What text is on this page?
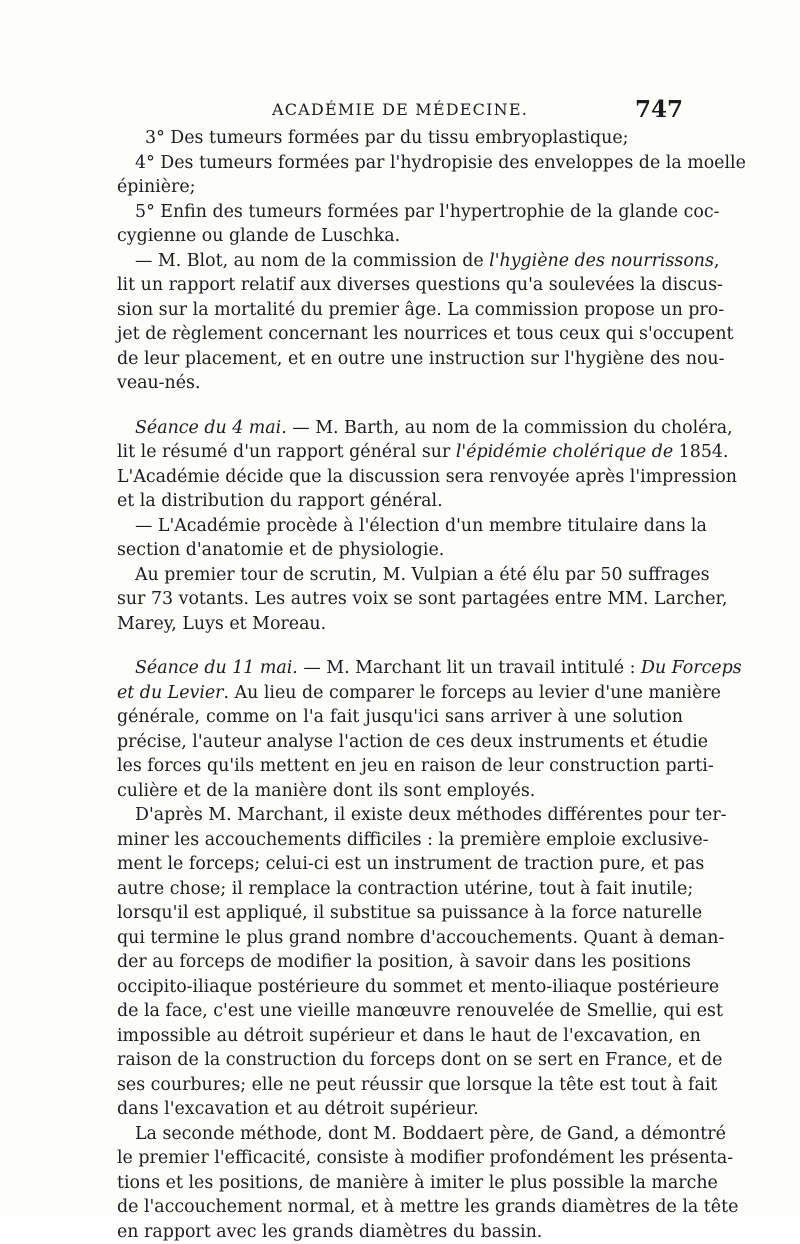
ACADÉMIE DE MÉDECINE.	747
3° Des tumeurs formées par du tissu embryoplastique;
4° Des tumeurs formées par l'hydropisie des enveloppes de la moelle
épinière;
5° Enfin des tumeurs formées par l'hypertrophie de la glande coc-
cygienne ou glande de Luschka.
— M. Blot, au nom de la commission de l'hygiène des nourrissons,
lit un rapport relatif aux diverses questions qu'a soulevées la discus-
sion sur la mortalité du premier âge. La commission propose un pro-
jet de règlement concernant les nourrices et tous ceux qui s'occupent
de leur placement, et en outre une instruction sur l'hygiène des nou-
veau-nés.
Séance du 4 mai. — M. Barth, au nom de la commission du choléra,
lit le résumé d'un rapport général sur l'épidémie cholérique de 1854.
L'Académie décide que la discussion sera renvoyée après l'impression
et la distribution du rapport général.
— L'Académie procède à l'élection d'un membre titulaire dans la
section d'anatomie et de physiologie.
Au premier tour de scrutin, M. Vulpian a été élu par 50 suffrages
sur 73 votants. Les autres voix se sont partagées entre MM. Larcher,
Marey, Luys et Moreau.
Séance du 11 mai. — M. Marchant lit un travail intitulé : Du Forceps
et du Levier. Au lieu de comparer le forceps au levier d'une manière
générale, comme on l'a fait jusqu'ici sans arriver à une solution
précise, l'auteur analyse l'action de ces deux instruments et étudie
les forces qu'ils mettent en jeu en raison de leur construction parti-
culière et de la manière dont ils sont employés.
D'après M. Marchant, il existe deux méthodes différentes pour ter-
miner les accouchements difficiles : la première emploie exclusive-
ment le forceps; celui-ci est un instrument de traction pure, et pas
autre chose; il remplace la contraction utérine, tout à fait inutile;
lorsqu'il est appliqué, il substitue sa puissance à la force naturelle
qui termine le plus grand nombre d'accouchements. Quant à deman-
der au forceps de modifier la position, à savoir dans les positions
occipito-iliaque postérieure du sommet et mento-iliaque postérieure
de la face, c'est une vieille manœuvre renouvelée de Smellie, qui est
impossible au détroit supérieur et dans le haut de l'excavation, en
raison de la construction du forceps dont on se sert en France, et de
ses courbures; elle ne peut réussir que lorsque la tête est tout à fait
dans l'excavation et au détroit supérieur.
La seconde méthode, dont M. Boddaert père, de Gand, a démontré
le premier l'efficacité, consiste à modifier profondément les présenta-
tions et les positions, de manière à imiter le plus possible la marche
de l'accouchement normal, et à mettre les grands diamètres de la tête
en rapport avec les grands diamètres du bassin.
